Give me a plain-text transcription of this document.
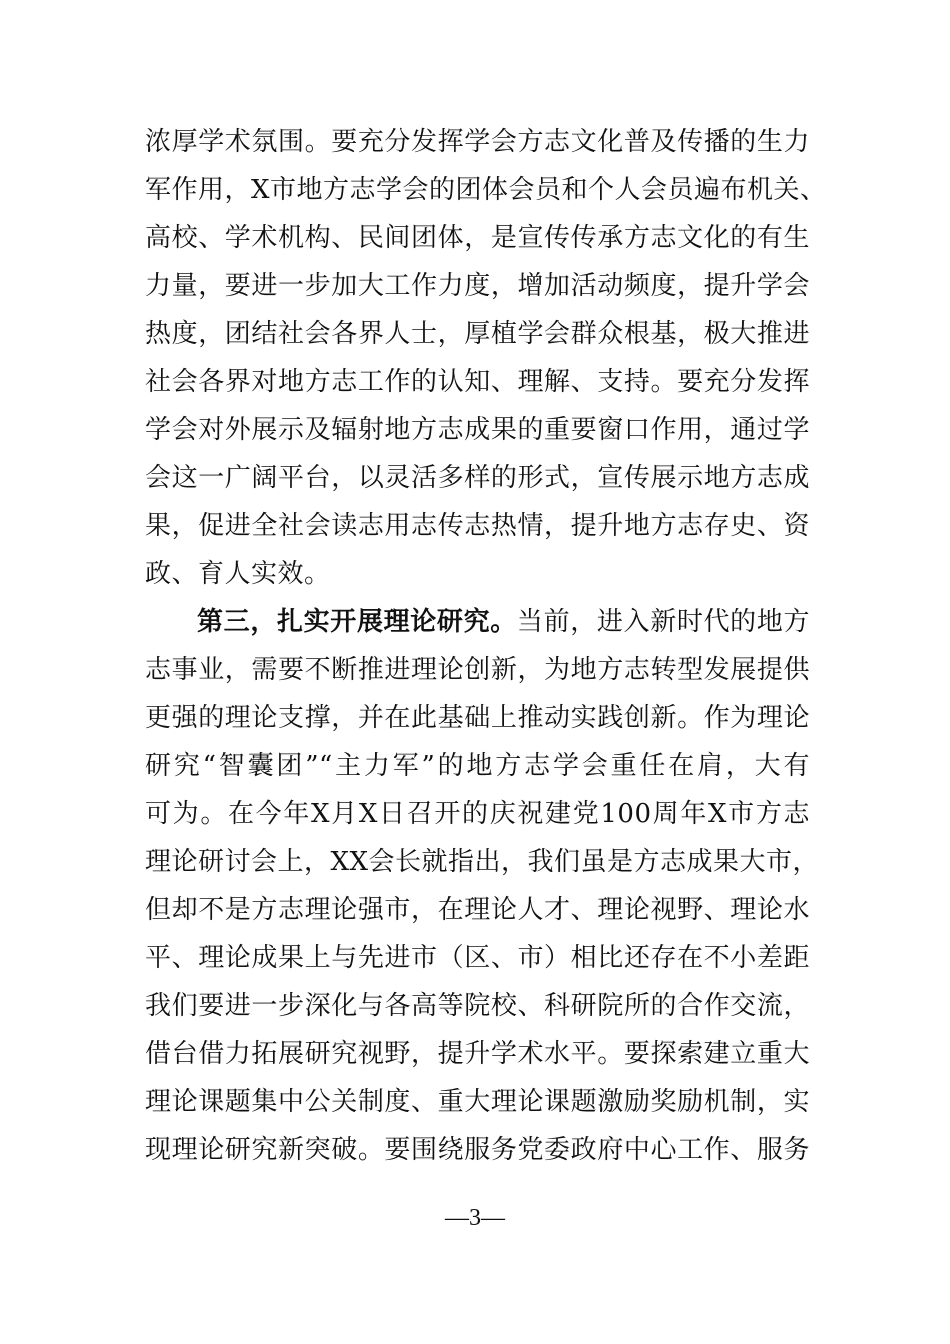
浓厚学术氛围。要充分发挥学会方志文化普及传播的生力
军作用，X市地方志学会的团体会员和个人会员遍布机关、
高校、学术机构、民间团体，是宣传传承方志文化的有生
力量，要进一步加大工作力度，增加活动频度，提升学会
热度，团结社会各界人士，厚植学会群众根基，极大推进
社会各界对地方志工作的认知、理解、支持。要充分发挥
学会对外展示及辐射地方志成果的重要窗口作用，通过学
会这一广阔平台，以灵活多样的形式，宣传展示地方志成
果，促进全社会读志用志传志热情，提升地方志存史、资
政、育人实效。
第三，扎实开展理论研究。当前，进入新时代的地方
志事业，需要不断推进理论创新，为地方志转型发展提供
更强的理论支撑，并在此基础上推动实践创新。作为理论
研究“智囊团”“主力军”的地方志学会重任在肩，大有
可为。在今年X月X日召开的庆祝建党100周年X市方志
理论研讨会上，XX会长就指出，我们虽是方志成果大市，
但却不是方志理论强市，在理论人才、理论视野、理论水
平、理论成果上与先进市（区、市）相比还存在不小差距
我们要进一步深化与各高等院校、科研院所的合作交流，
借台借力拓展研究视野，提升学术水平。要探索建立重大
理论课题集中公关制度、重大理论课题激励奖励机制，实
现理论研究新突破。要围绕服务党委政府中心工作、服务
—3—
